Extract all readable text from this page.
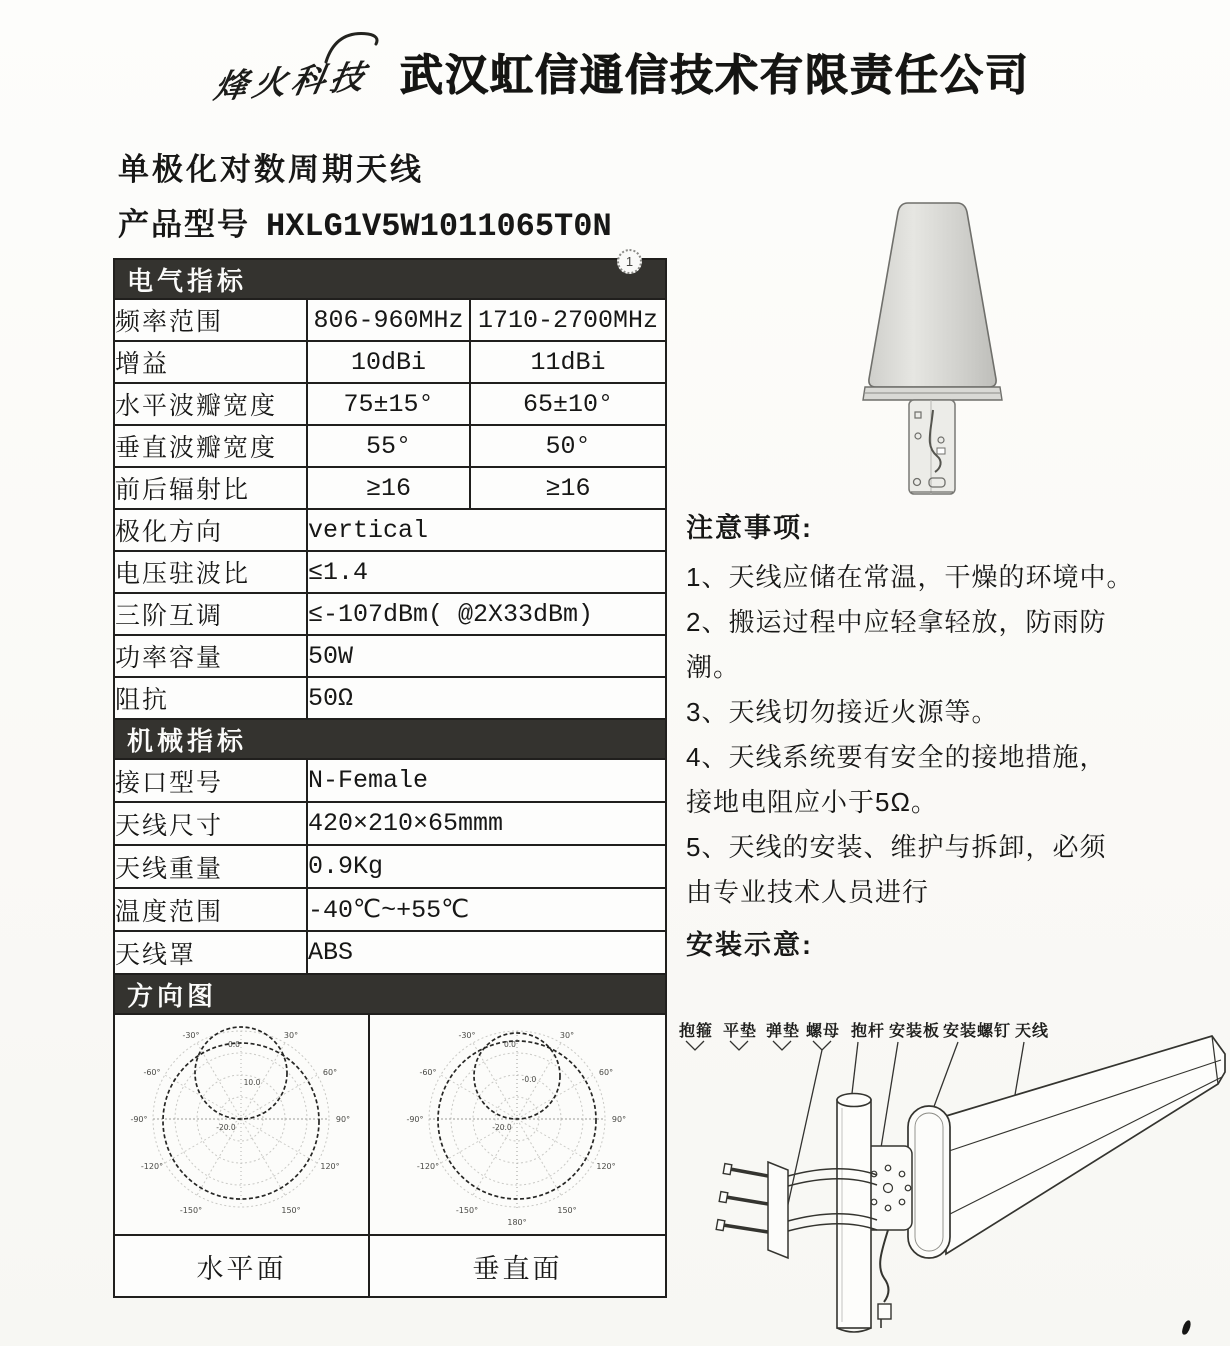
烽火科技 武汉虹信通信技术有限责任公司
单极化对数周期天线
产品型号 HXLG1V5W1011065T0N
1
电气指标		
频率范围	806-960MHz	1710-2700MHz
增益	10dBi	11dBi
水平波瓣宽度	75±15°	65±10°
垂直波瓣宽度	55°	50°
前后辐射比	≥16	≥16
极化方向	vertical	
电压驻波比	≤1.4	
三阶互调	≤-107dBm( @2X33dBm)	
功率容量	50W	
阻抗	50Ω	
机械指标		
接口型号	N-Female	
天线尺寸	420×210×65mmm	
天线重量	0.9Kg	
温度范围	-40℃~+55℃	
天线罩	ABS	
方向图		

-30°	30°
-60°	60°
-90°	90°
-120°	120°
-150°	150°
0.0
10.0
-20.0
-30°	30°
-60°	60°
-90°	90°
-120°	120°
-150°	150°
180°
0.0
-0.0
-20.0
水平面	垂直面
注意事项:
1、天线应储在常温，干燥的环境中。
2、搬运过程中应轻拿轻放，防雨防
潮。
3、天线切勿接近火源等。
4、天线系统要有安全的接地措施，
接地电阻应小于5Ω。
5、天线的安装、维护与拆卸，必须
由专业技术人员进行
安装示意:
抱箍 平垫 弹垫 螺母 抱杆 安装板 安装螺钉 天线
